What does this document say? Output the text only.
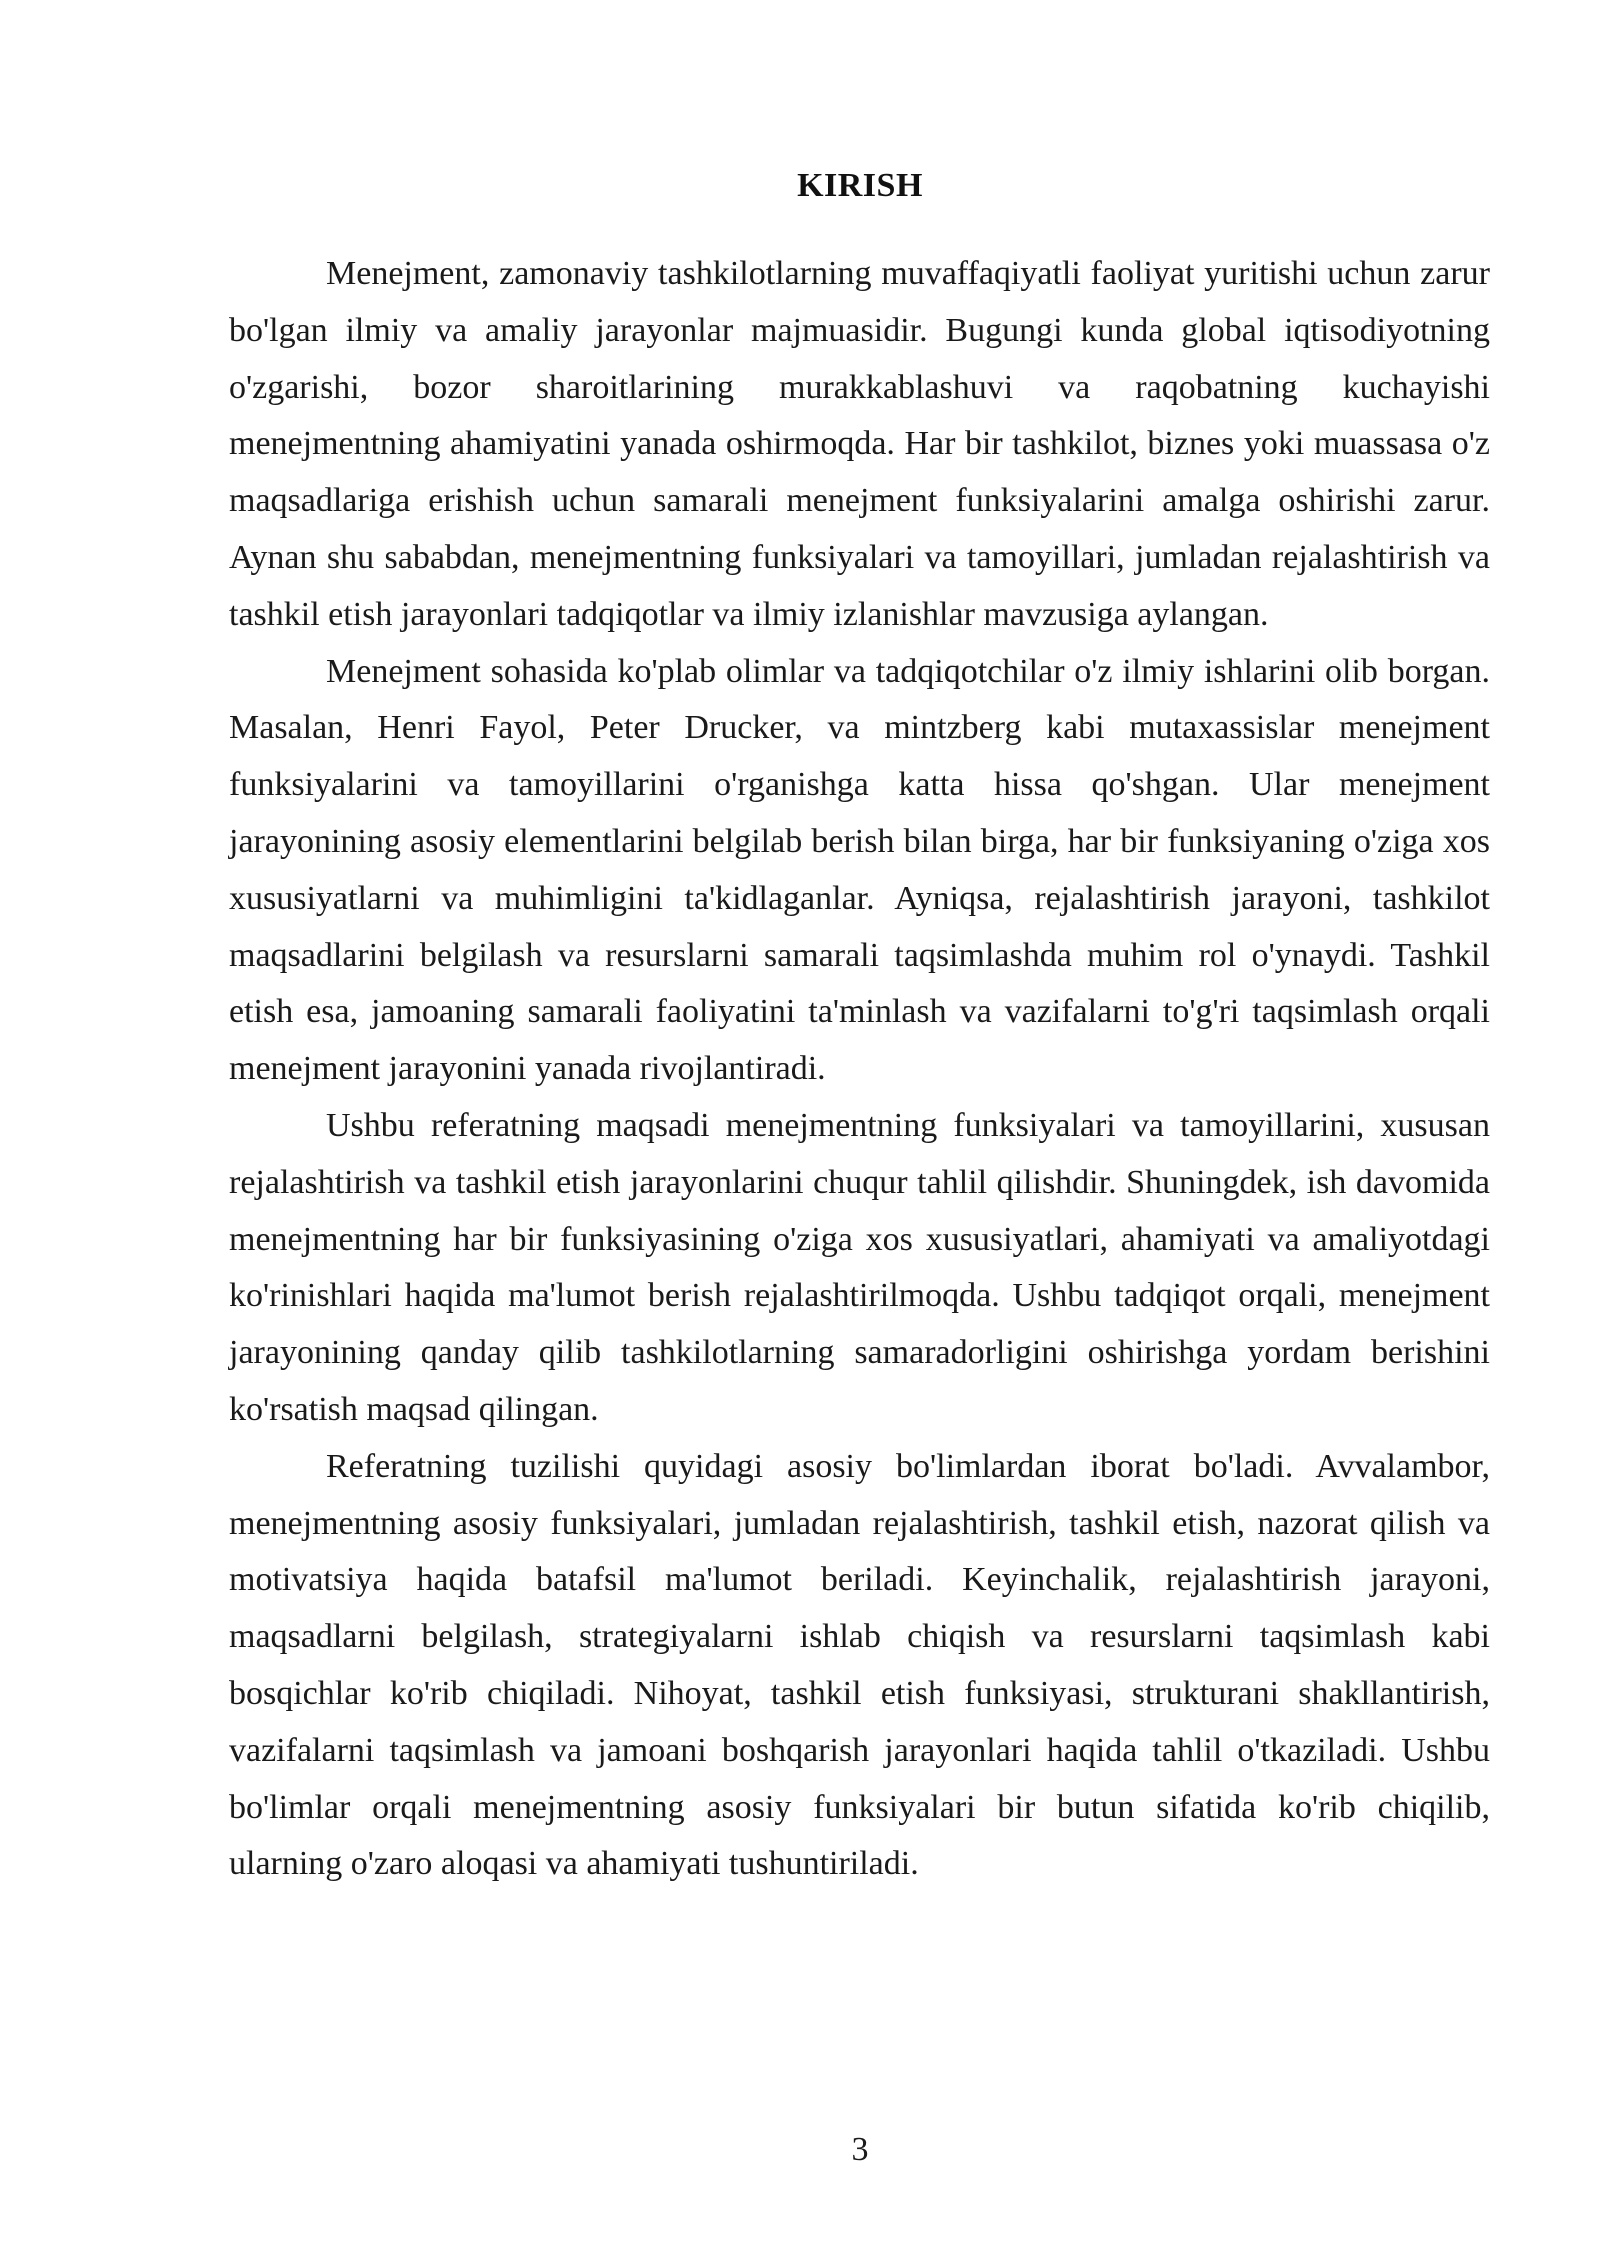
KIRISH

Menejment, zamonaviy tashkilotlarning muvaffaqiyatli faoliyat yuritishi uchun zarur bo'lgan ilmiy va amaliy jarayonlar majmuasidir. Bugungi kunda global iqtisodiyotning o'zgarishi, bozor sharoitlarining murakkablashuvi va raqobatning kuchayishi menejmentning ahamiyatini yanada oshirmoqda. Har bir tashkilot, biznes yoki muassasa o'z maqsadlariga erishish uchun samarali menejment funksiyalarini amalga oshirishi zarur. Aynan shu sababdan, menejmentning funksiyalari va tamoyillari, jumladan rejalashtirish va tashkil etish jarayonlari tadqiqotlar va ilmiy izlanishlar mavzusiga aylangan.

Menejment sohasida ko'plab olimlar va tadqiqotchilar o'z ilmiy ishlarini olib borgan. Masalan, Henri Fayol, Peter Drucker, va mintzberg kabi mutaxassislar menejment funksiyalarini va tamoyillarini o'rganishga katta hissa qo'shgan. Ular menejment jarayonining asosiy elementlarini belgilab berish bilan birga, har bir funksiyaning o'ziga xos xususiyatlarni va muhimligini ta'kidlaganlar. Ayniqsa, rejalashtirish jarayoni, tashkilot maqsadlarini belgilash va resurslarni samarali taqsimlashda muhim rol o'ynaydi. Tashkil etish esa, jamoaning samarali faoliyatini ta'minlash va vazifalarni to'g'ri taqsimlash orqali menejment jarayonini yanada rivojlantiradi.

Ushbu referatning maqsadi menejmentning funksiyalari va tamoyillarini, xususan rejalashtirish va tashkil etish jarayonlarini chuqur tahlil qilishdir. Shuningdek, ish davomida menejmentning har bir funksiyasining o'ziga xos xususiyatlari, ahamiyati va amaliyotdagi ko'rinishlari haqida ma'lumot berish rejalashtirilmoqda. Ushbu tadqiqot orqali, menejment jarayonining qanday qilib tashkilotlarning samaradorligini oshirishga yordam berishini ko'rsatish maqsad qilingan.

Referatning tuzilishi quyidagi asosiy bo'limlardan iborat bo'ladi. Avvalambor, menejmentning asosiy funksiyalari, jumladan rejalashtirish, tashkil etish, nazorat qilish va motivatsiya haqida batafsil ma'lumot beriladi. Keyinchalik, rejalashtirish jarayoni, maqsadlarni belgilash, strategiyalarni ishlab chiqish va resurslarni taqsimlash kabi bosqichlar ko'rib chiqiladi. Nihoyat, tashkil etish funksiyasi, strukturani shakllantirish, vazifalarni taqsimlash va jamoani boshqarish jarayonlari haqida tahlil o'tkaziladi. Ushbu bo'limlar orqali menejmentning asosiy funksiyalari bir butun sifatida ko'rib chiqilib, ularning o'zaro aloqasi va ahamiyati tushuntiriladi.

3
